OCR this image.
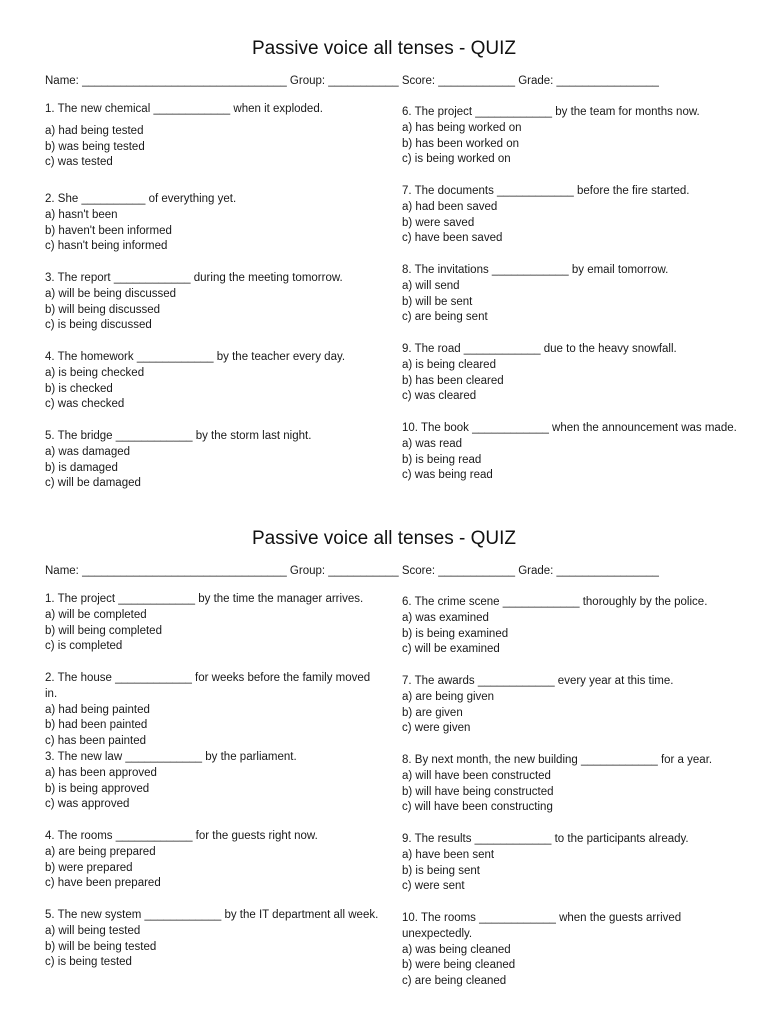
Passive voice all tenses - QUIZ
Name: ________________________________ Group: ___________ Score: ____________ Grade: ________________
1. The new chemical ____________ when it exploded.
a) had being tested
b) was being tested
c) was tested
2. She __________ of everything yet.
a) hasn't been
b) haven't been informed
c) hasn't being informed
3. The report ____________ during the meeting tomorrow.
a) will be being discussed
b) will being discussed
c) is being discussed
4. The homework ____________ by the teacher every day.
a) is being checked
b) is checked
c) was checked
5. The bridge ____________ by the storm last night.
a) was damaged
b) is damaged
c) will be damaged
6. The project ____________ by the team for months now.
a) has being worked on
b) has been worked on
c) is being worked on
7. The documents ____________ before the fire started.
a) had been saved
b) were saved
c) have been saved
8. The invitations ____________ by email tomorrow.
a) will send
b) will be sent
c) are being sent
9. The road ____________ due to the heavy snowfall.
a) is being cleared
b) has been cleared
c) was cleared
10. The book ____________ when the announcement was made.
a) was read
b) is being read
c) was being read
Passive voice all tenses - QUIZ
Name: ________________________________ Group: ___________ Score: ____________ Grade: ________________
1. The project ____________ by the time the manager arrives.
a) will be completed
b) will being completed
c) is completed
2. The house ____________ for weeks before the family moved in.
a) had being painted
b) had been painted
c) has been painted
3. The new law ____________ by the parliament.
a) has been approved
b) is being approved
c) was approved
4. The rooms ____________ for the guests right now.
a) are being prepared
b) were prepared
c) have been prepared
5. The new system ____________ by the IT department all week.
a) will being tested
b) will be being tested
c) is being tested
6. The crime scene ____________ thoroughly by the police.
a) was examined
b) is being examined
c) will be examined
7. The awards ____________ every year at this time.
a) are being given
b) are given
c) were given
8. By next month, the new building ____________ for a year.
a) will have been constructed
b) will have being constructed
c) will have been constructing
9. The results ____________ to the participants already.
a) have been sent
b) is being sent
c) were sent
10. The rooms ____________ when the guests arrived unexpectedly.
a) was being cleaned
b) were being cleaned
c) are being cleaned
